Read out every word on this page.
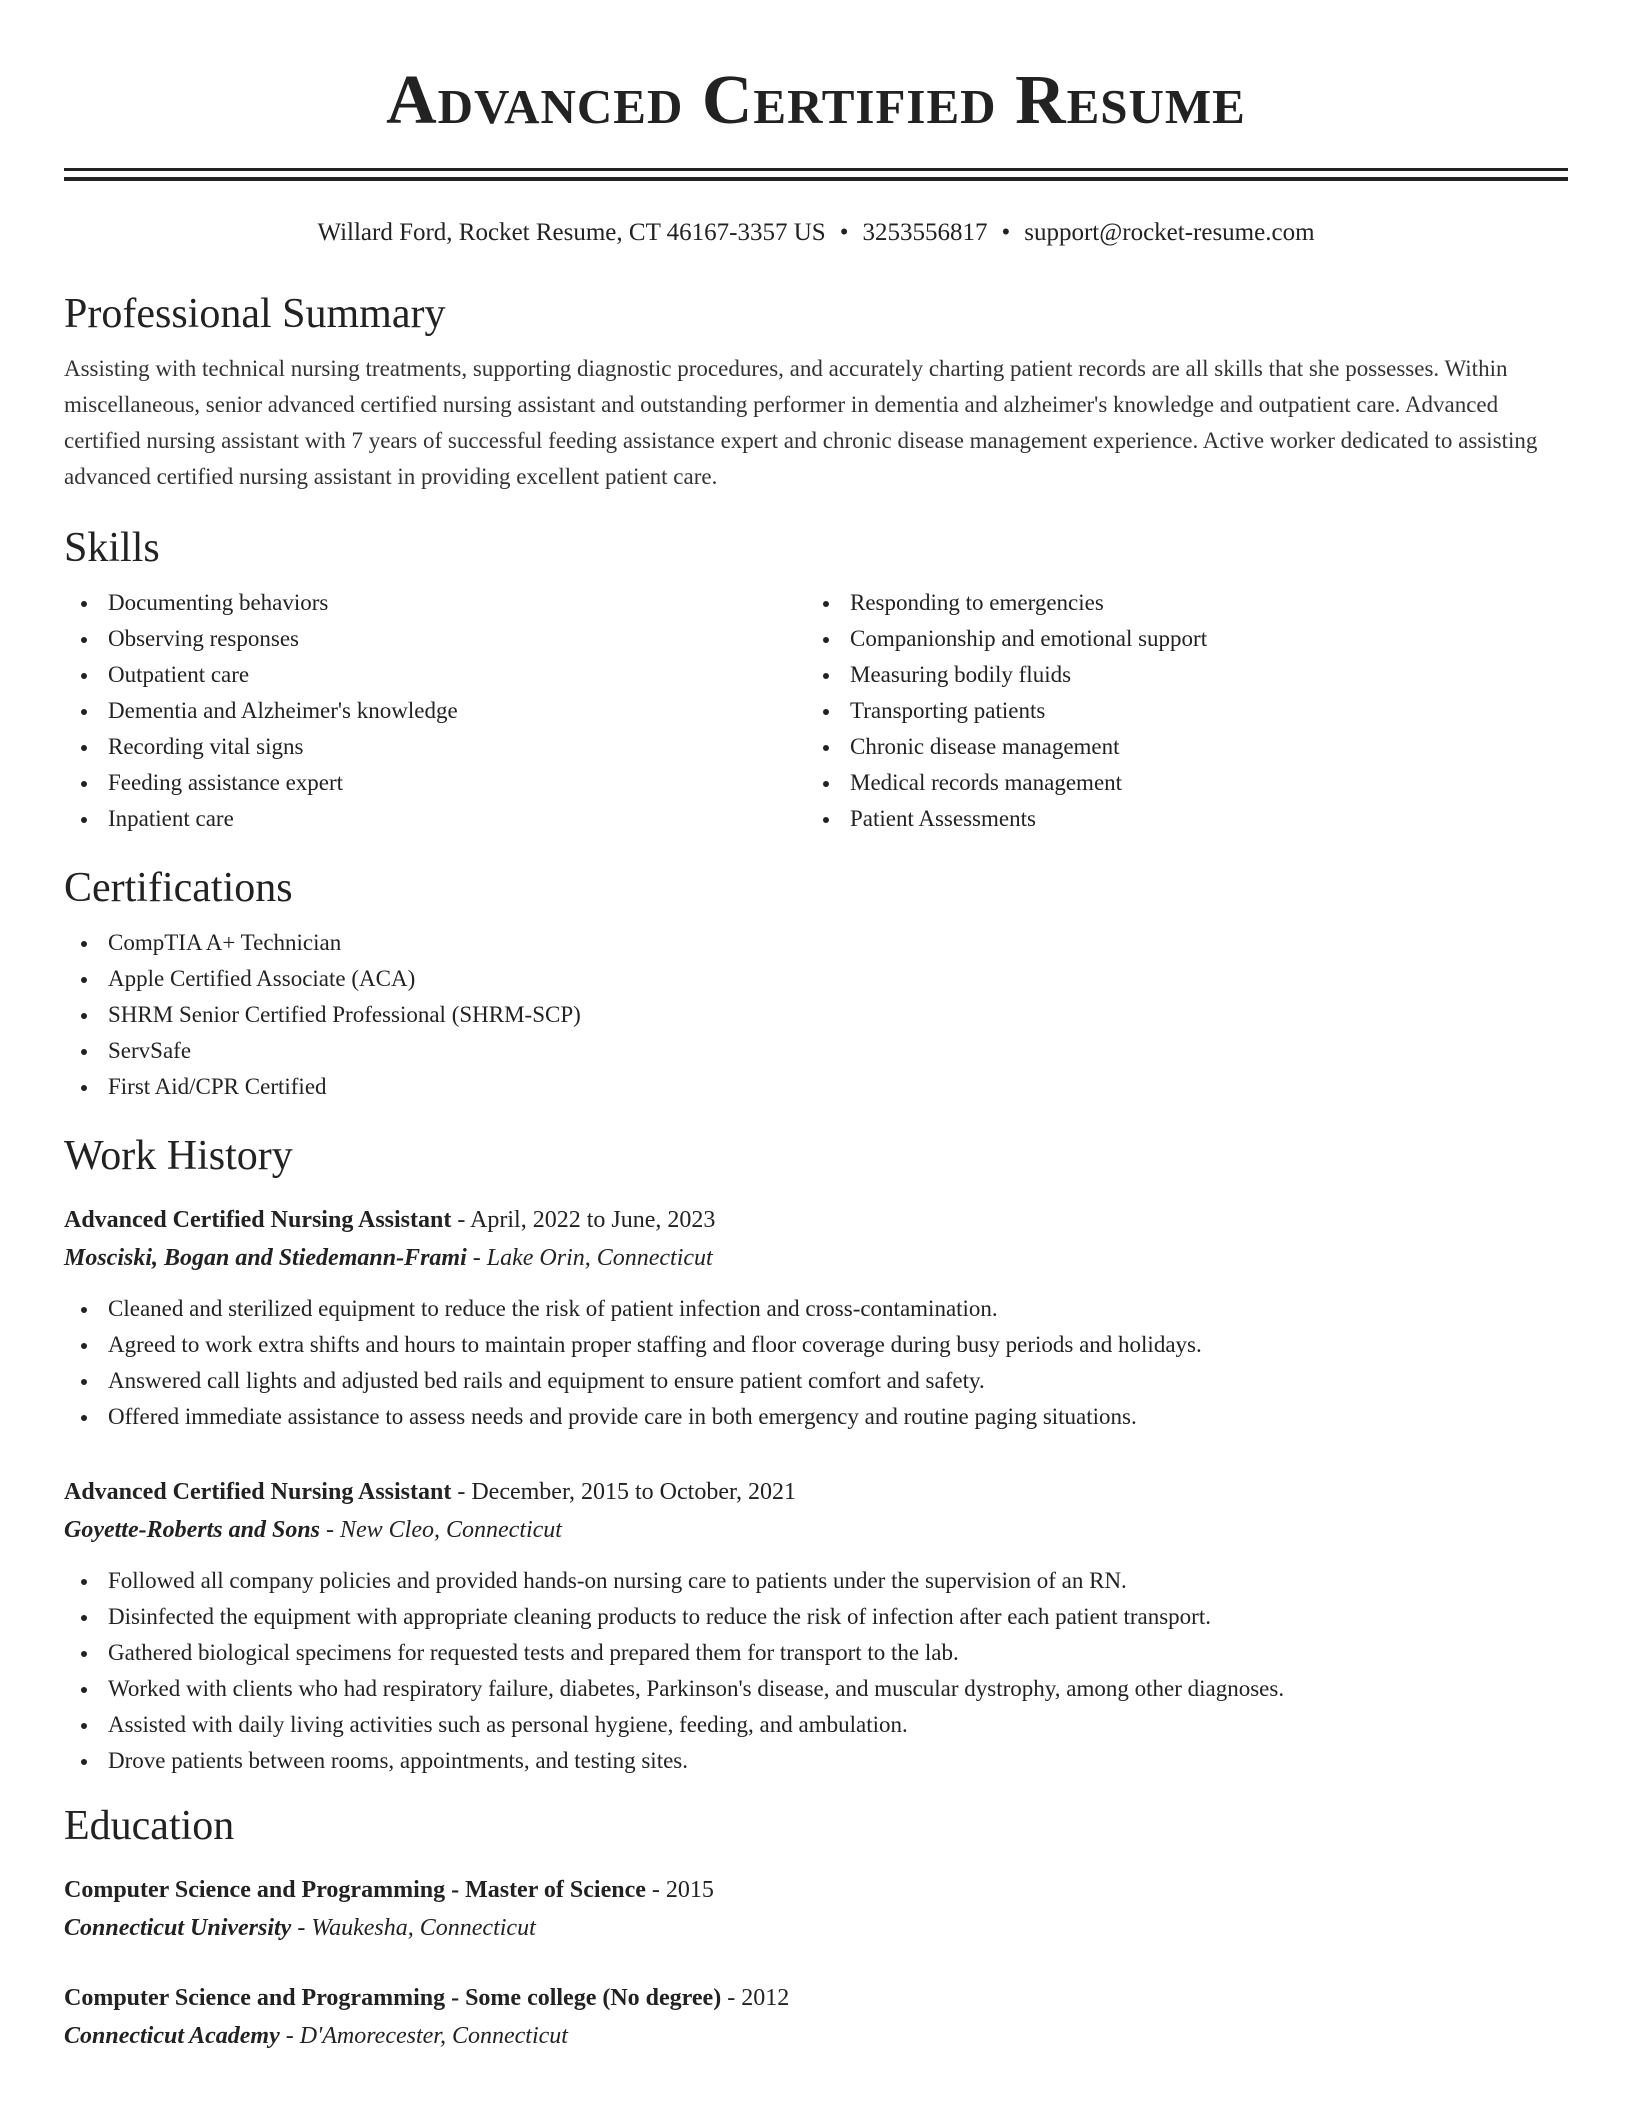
Advanced Certified Resume
Willard Ford, Rocket Resume, CT 46167-3357 US • 3253556817 • support@rocket-resume.com
Professional Summary

Assisting with technical nursing treatments, supporting diagnostic procedures, and accurately charting patient records are all skills that she possesses. Within miscellaneous, senior advanced certified nursing assistant and outstanding performer in dementia and alzheimer's knowledge and outpatient care. Advanced certified nursing assistant with 7 years of successful feeding assistance expert and chronic disease management experience. Active worker dedicated to assisting advanced certified nursing assistant in providing excellent patient care.

Skills
Documenting behaviors
Observing responses
Outpatient care
Dementia and Alzheimer's knowledge
Recording vital signs
Feeding assistance expert
Inpatient care
Responding to emergencies
Companionship and emotional support
Measuring bodily fluids
Transporting patients
Chronic disease management
Medical records management
Patient Assessments
Certifications
CompTIA A+ Technician
Apple Certified Associate (ACA)
SHRM Senior Certified Professional (SHRM-SCP)
ServSafe
First Aid/CPR Certified
Work History
Advanced Certified Nursing Assistant - April, 2022 to June, 2023
Mosciski, Bogan and Stiedemann-Frami - Lake Orin, Connecticut
Cleaned and sterilized equipment to reduce the risk of patient infection and cross-contamination.
Agreed to work extra shifts and hours to maintain proper staffing and floor coverage during busy periods and holidays.
Answered call lights and adjusted bed rails and equipment to ensure patient comfort and safety.
Offered immediate assistance to assess needs and provide care in both emergency and routine paging situations.
Advanced Certified Nursing Assistant - December, 2015 to October, 2021
Goyette-Roberts and Sons - New Cleo, Connecticut
Followed all company policies and provided hands-on nursing care to patients under the supervision of an RN.
Disinfected the equipment with appropriate cleaning products to reduce the risk of infection after each patient transport.
Gathered biological specimens for requested tests and prepared them for transport to the lab.
Worked with clients who had respiratory failure, diabetes, Parkinson's disease, and muscular dystrophy, among other diagnoses.
Assisted with daily living activities such as personal hygiene, feeding, and ambulation.
Drove patients between rooms, appointments, and testing sites.
Education
Computer Science and Programming - Master of Science - 2015
Connecticut University - Waukesha, Connecticut
Computer Science and Programming - Some college (No degree) - 2012
Connecticut Academy - D'Amorecester, Connecticut
